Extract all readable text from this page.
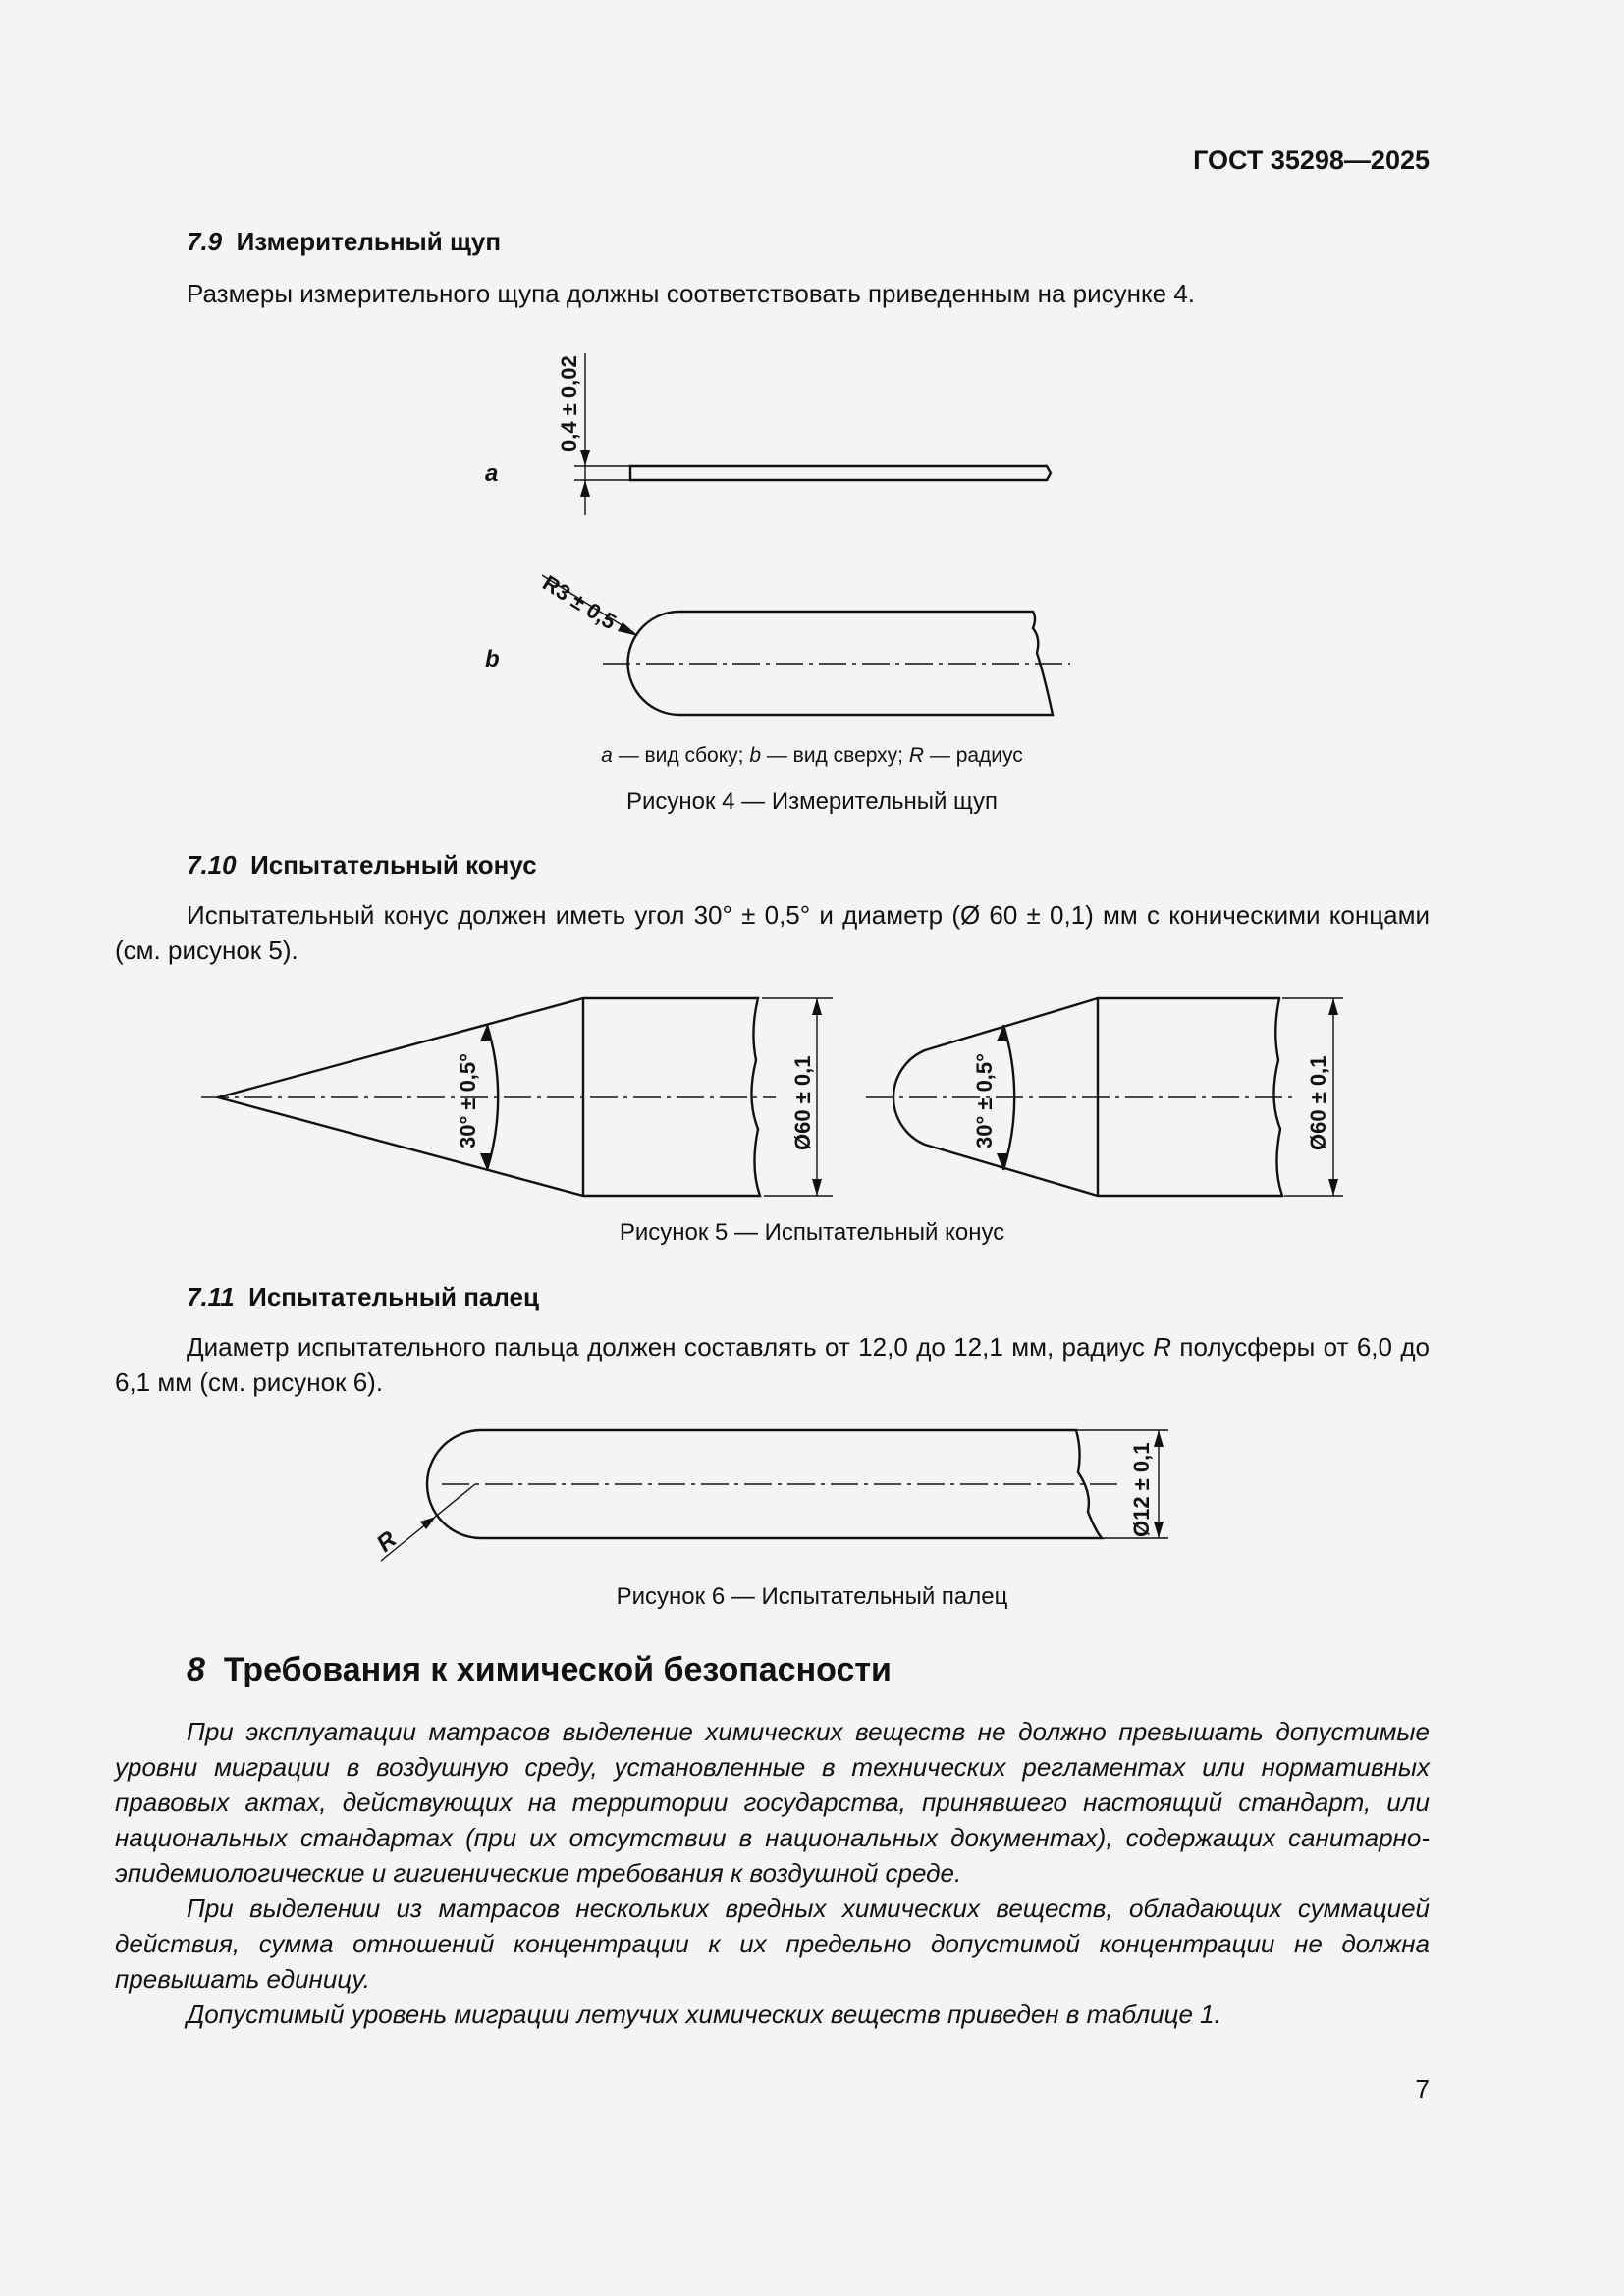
ГОСТ 35298—2025
7.9 Измерительный щуп
Размеры измерительного щупа должны соответствовать приведенным на рисунке 4.
a
0,4 ± 0,02
b
R3 ± 0,5
a — вид сбоку; b — вид сверху; R — радиус
Рисунок 4 — Измерительный щуп
7.10 Испытательный конус
Испытательный конус должен иметь угол 30° ± 0,5° и диаметр (Ø 60 ± 0,1) мм с коническими концами (см. рисунок 5).
30° ± 0,5°	Ø60 ± 0,1	30° ± 0,5°	Ø60 ± 0,1
Рисунок 5 — Испытательный конус
7.11 Испытательный палец
Диаметр испытательного пальца должен составлять от 12,0 до 12,1 мм, радиус R полусферы от 6,0 до 6,1 мм (см. рисунок 6).
R
Ø12 ± 0,1
Рисунок 6 — Испытательный палец
8 Требования к химической безопасности
При эксплуатации матрасов выделение химических веществ не должно превышать допустимые уровни миграции в воздушную среду, установленные в технических регламентах или нормативных правовых актах, действующих на территории государства, принявшего настоящий стандарт, или национальных стандартах (при их отсутствии в национальных документах), содержащих санитарно-эпидемиологические и гигиенические требования к воздушной среде.
При выделении из матрасов нескольких вредных химических веществ, обладающих суммацией действия, сумма отношений концентрации к их предельно допустимой концентрации не должна превышать единицу.
Допустимый уровень миграции летучих химических веществ приведен в таблице 1.
7
